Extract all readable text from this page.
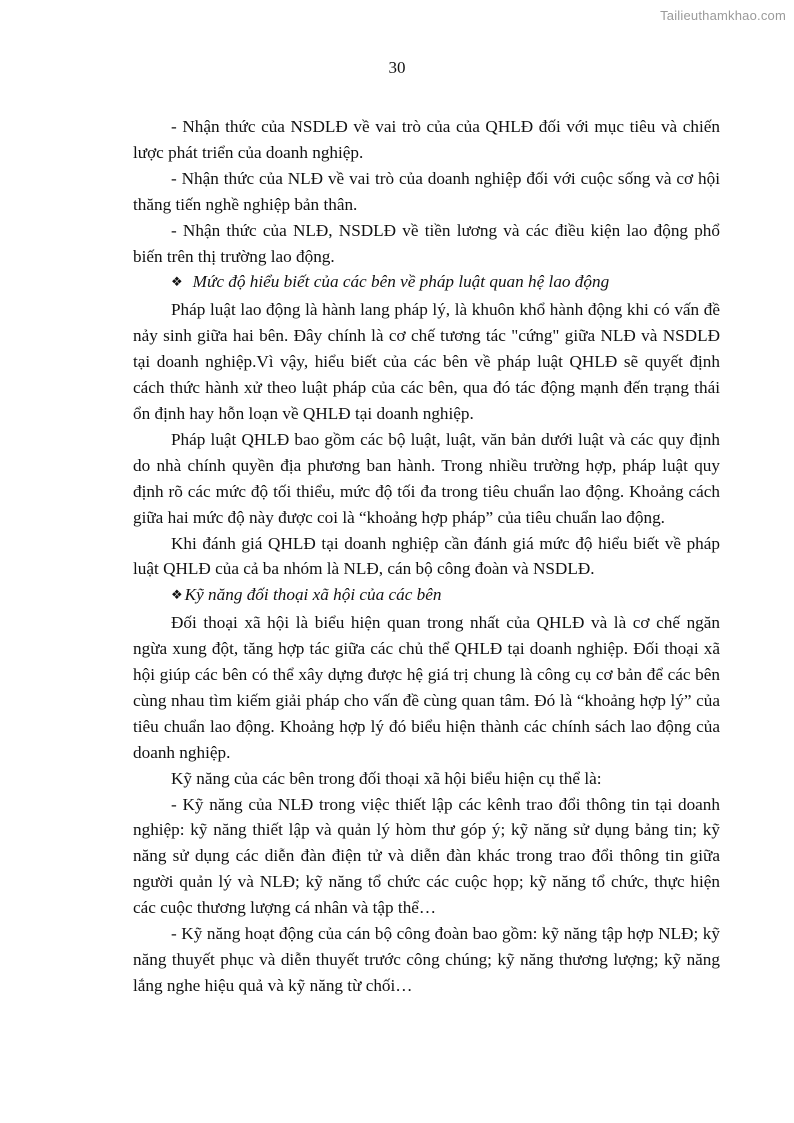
Tailieuthamkhao.com
30

- Nhận thức của NSDLĐ về vai trò của của QHLĐ đối với mục tiêu và chiến lược phát triển của doanh nghiệp.

- Nhận thức của NLĐ về vai trò của doanh nghiệp đối với cuộc sống và cơ hội thăng tiến nghề nghiệp bản thân.

- Nhận thức của NLĐ, NSDLĐ về tiền lương và các điều kiện lao động phổ biến trên thị trường lao động.

❖ Mức độ hiểu biết của các bên về pháp luật quan hệ lao động

Pháp luật lao động là hành lang pháp lý, là khuôn khổ hành động khi có vấn đề nảy sinh giữa hai bên. Đây chính là cơ chế tương tác "cứng" giữa NLĐ và NSDLĐ tại doanh nghiệp.Vì vậy, hiểu biết của các bên về pháp luật QHLĐ sẽ quyết định cách thức hành xử theo luật pháp của các bên, qua đó tác động mạnh đến trạng thái ổn định hay hỗn loạn về QHLĐ tại doanh nghiệp.

Pháp luật QHLĐ bao gồm các bộ luật, luật, văn bản dưới luật và các quy định do nhà chính quyền địa phương ban hành. Trong nhiều trường hợp, pháp luật quy định rõ các mức độ tối thiểu, mức độ tối đa trong tiêu chuẩn lao động. Khoảng cách giữa hai mức độ này được coi là “khoảng hợp pháp” của tiêu chuẩn lao động.

Khi đánh giá QHLĐ tại doanh nghiệp cần đánh giá mức độ hiểu biết về pháp luật QHLĐ của cả ba nhóm là NLĐ, cán bộ công đoàn và NSDLĐ.

❖ Kỹ năng đối thoại xã hội của các bên

Đối thoại xã hội là biểu hiện quan trong nhất của QHLĐ và là cơ chế ngăn ngừa xung đột, tăng hợp tác giữa các chủ thể QHLĐ tại doanh nghiệp. Đối thoại xã hội giúp các bên có thể xây dựng được hệ giá trị chung là công cụ cơ bản để các bên cùng nhau tìm kiếm giải pháp cho vấn đề cùng quan tâm. Đó là “khoảng hợp lý” của tiêu chuẩn lao động. Khoảng hợp lý đó biểu hiện thành các chính sách lao động của doanh nghiệp.

Kỹ năng của các bên trong đối thoại xã hội biểu hiện cụ thể là:

- Kỹ năng của NLĐ trong việc thiết lập các kênh trao đổi thông tin tại doanh nghiệp: kỹ năng thiết lập và quản lý hòm thư góp ý; kỹ năng sử dụng bảng tin; kỹ năng sử dụng các diễn đàn điện tử và diễn đàn khác trong trao đổi thông tin giữa người quản lý và NLĐ; kỹ năng tổ chức các cuộc họp; kỹ năng tổ chức, thực hiện các cuộc thương lượng cá nhân và tập thể…

- Kỹ năng hoạt động của cán bộ công đoàn bao gồm: kỹ năng tập hợp NLĐ; kỹ năng thuyết phục và diễn thuyết trước công chúng; kỹ năng thương lượng; kỹ năng lắng nghe hiệu quả và kỹ năng từ chối…
